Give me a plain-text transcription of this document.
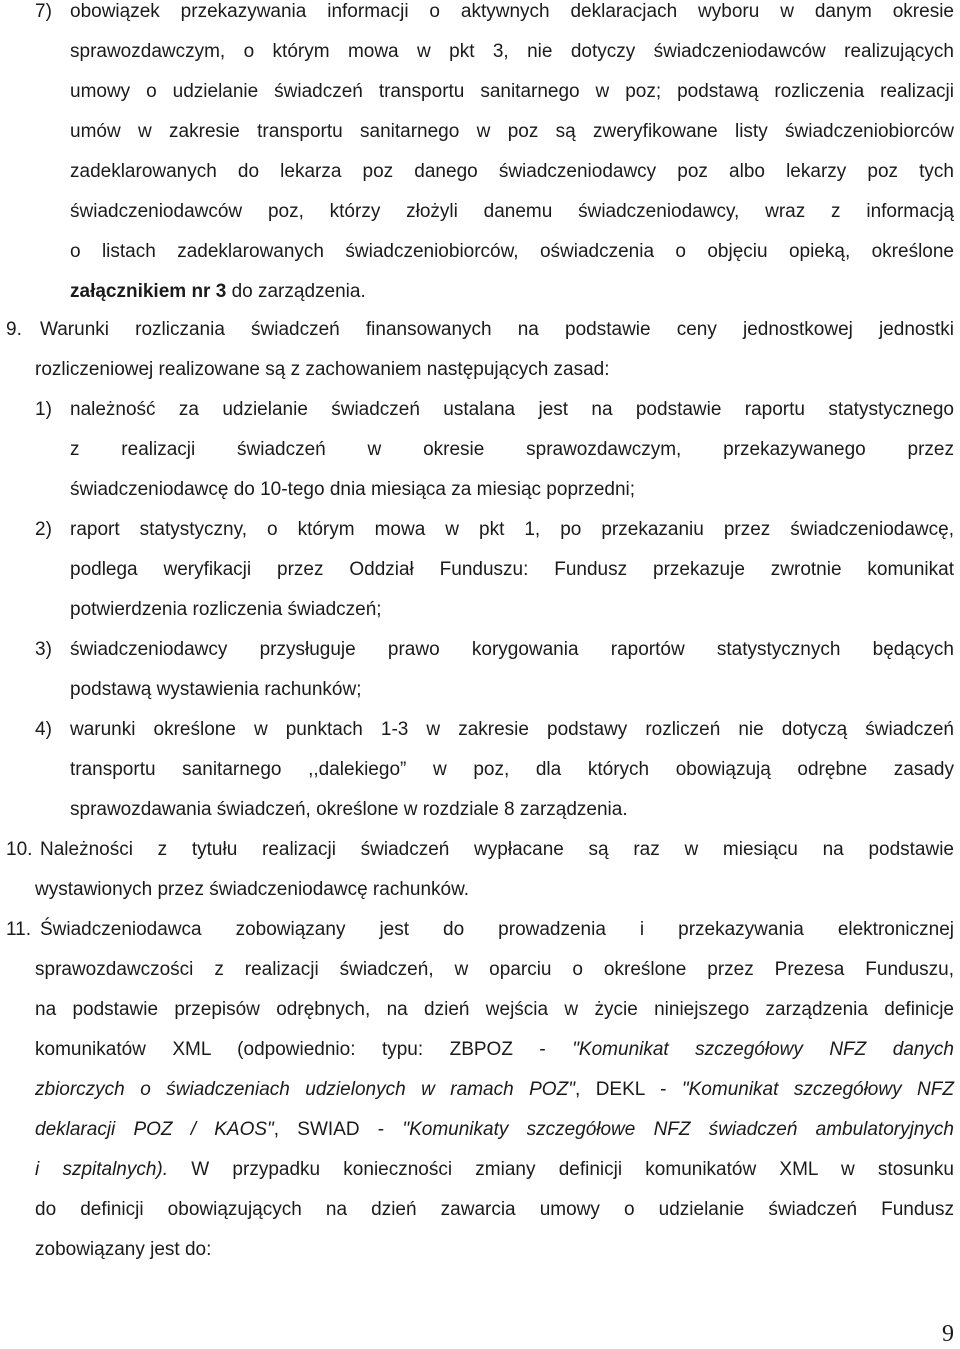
7) obowiązek przekazywania informacji o aktywnych deklaracjach wyboru w danym okresie
sprawozdawczym, o którym mowa w pkt 3, nie dotyczy świadczeniodawców realizujących
umowy o udzielanie świadczeń transportu sanitarnego w poz; podstawą rozliczenia realizacji
umów w zakresie transportu sanitarnego w poz są zweryfikowane listy świadczeniobiorców
zadeklarowanych do lekarza poz danego świadczeniodawcy poz albo lekarzy poz tych
świadczeniodawców poz, którzy złożyli danemu świadczeniodawcy, wraz z informacją
o listach zadeklarowanych świadczeniobiorców, oświadczenia o objęciu opieką, określone
załącznikiem nr 3 do zarządzenia.
9. Warunki rozliczania świadczeń finansowanych na podstawie ceny jednostkowej jednostki
rozliczeniowej realizowane są z zachowaniem następujących zasad:
1) należność za udzielanie świadczeń ustalana jest na podstawie raportu statystycznego
z realizacji świadczeń w okresie sprawozdawczym, przekazywanego przez
świadczeniodawcę do 10-tego dnia miesiąca za miesiąc poprzedni;
2) raport statystyczny, o którym mowa w pkt 1, po przekazaniu przez świadczeniodawcę,
podlega weryfikacji przez Oddział Funduszu: Fundusz przekazuje zwrotnie komunikat
potwierdzenia rozliczenia świadczeń;
3) świadczeniodawcy przysługuje prawo korygowania raportów statystycznych będących
podstawą wystawienia rachunków;
4) warunki określone w punktach 1-3 w zakresie podstawy rozliczeń nie dotyczą świadczeń
transportu sanitarnego ,,dalekiego” w poz, dla których obowiązują odrębne zasady
sprawozdawania świadczeń, określone w rozdziale 8 zarządzenia.
10. Należności z tytułu realizacji świadczeń wypłacane są raz w miesiącu na podstawie
wystawionych przez świadczeniodawcę rachunków.
11. Świadczeniodawca zobowiązany jest do prowadzenia i przekazywania elektronicznej
sprawozdawczości z realizacji świadczeń, w oparciu o określone przez Prezesa Funduszu,
na podstawie przepisów odrębnych, na dzień wejścia w życie niniejszego zarządzenia definicje
komunikatów XML (odpowiednio: typu: ZBPOZ - "Komunikat szczegółowy NFZ danych
zbiorczych o świadczeniach udzielonych w ramach POZ", DEKL - "Komunikat szczegółowy NFZ
deklaracji POZ / KAOS", SWIAD - "Komunikaty szczegółowe NFZ świadczeń ambulatoryjnych
i szpitalnych). W przypadku konieczności zmiany definicji komunikatów XML w stosunku
do definicji obowiązujących na dzień zawarcia umowy o udzielanie świadczeń Fundusz
zobowiązany jest do:
9
